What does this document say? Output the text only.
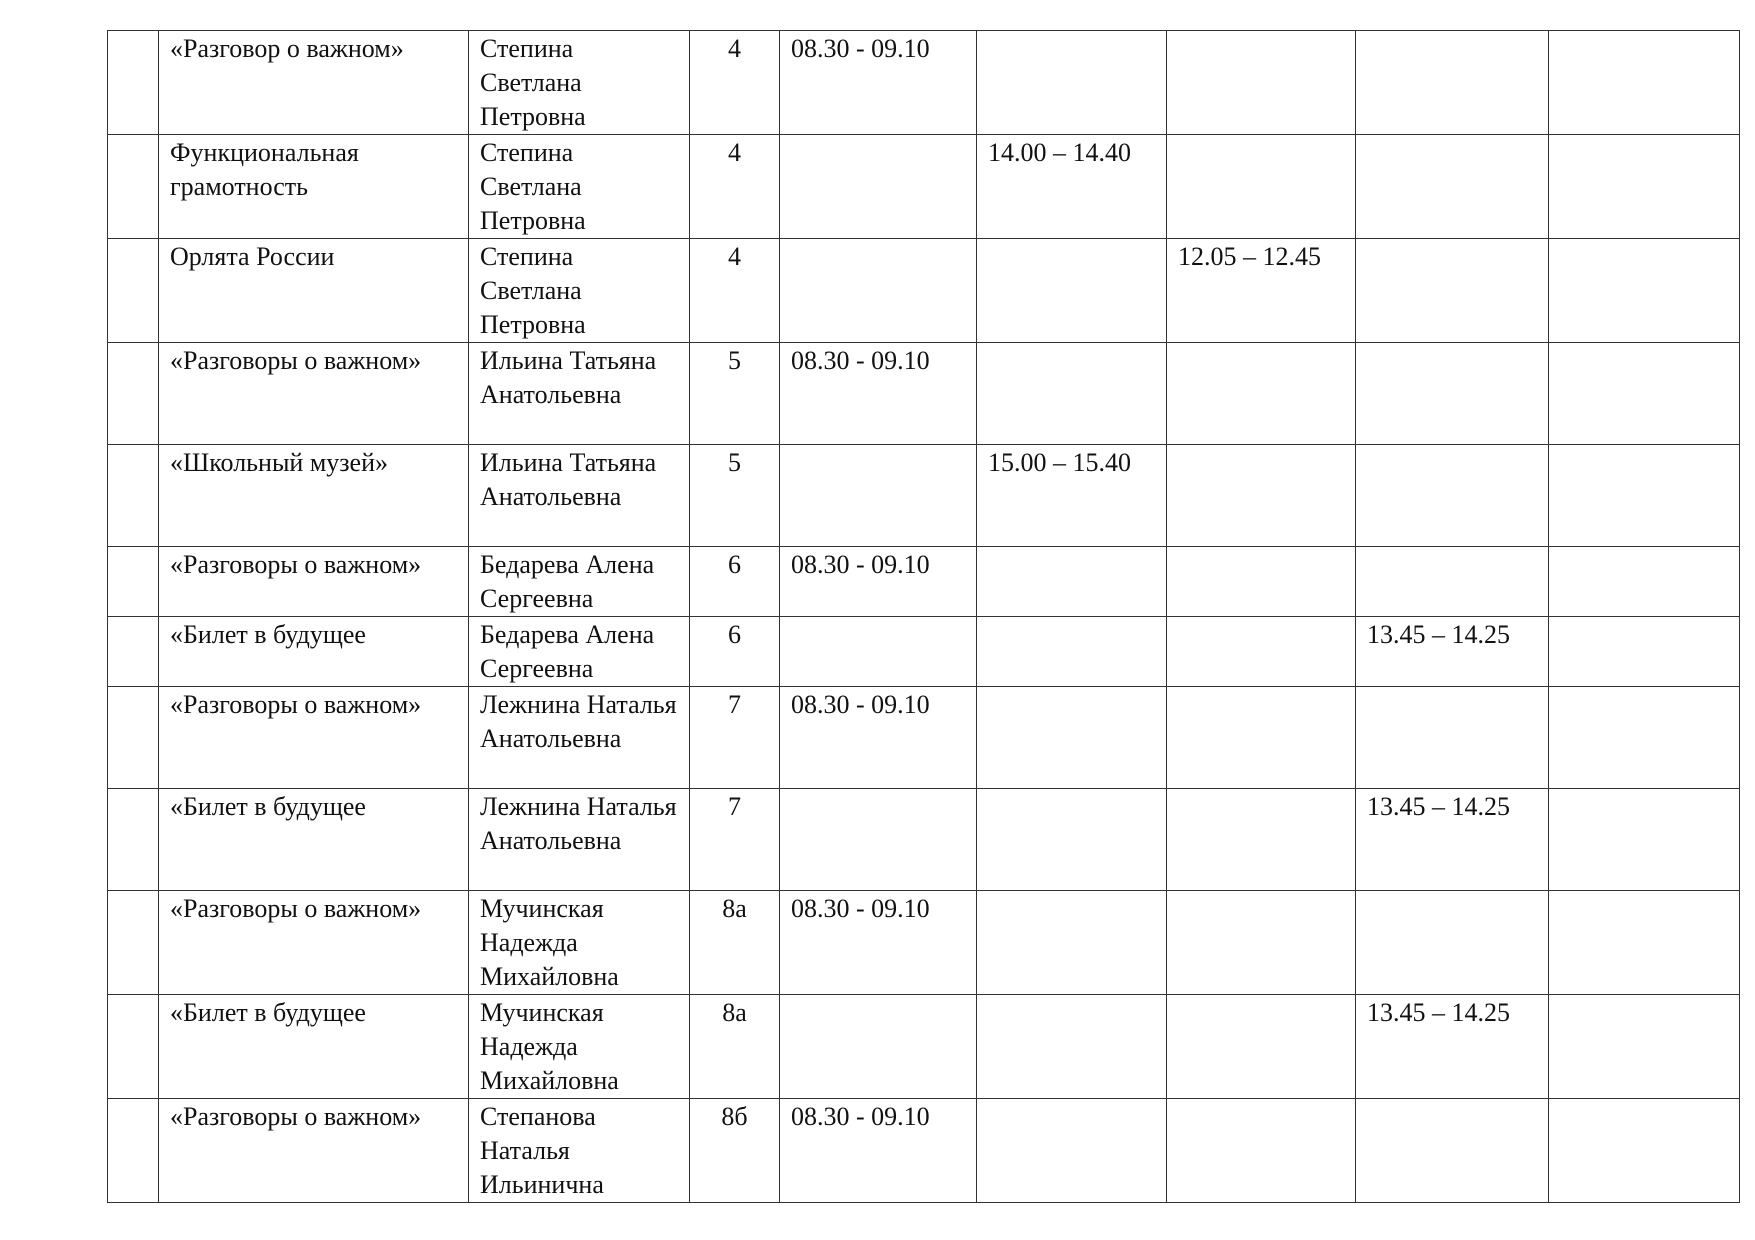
	«Разговор о важном»	Степина Светлана Петровна	4	08.30 - 09.10				
	Функциональная грамотность	Степина Светлана Петровна	4		14.00 – 14.40			
	Орлята России	Степина Светлана Петровна	4			12.05 – 12.45		
	«Разговоры о важном»	Ильина Татьяна Анатольевна	5	08.30 - 09.10				
	«Школьный музей»	Ильина Татьяна Анатольевна	5		15.00 – 15.40			
	«Разговоры о важном»	Бедарева Алена Сергеевна	6	08.30 - 09.10				
	«Билет в будущее	Бедарева Алена Сергеевна	6				13.45 – 14.25	
	«Разговоры о важном»	Лежнина Наталья Анатольевна	7	08.30 - 09.10				
	«Билет в будущее	Лежнина Наталья Анатольевна	7				13.45 – 14.25	
	«Разговоры о важном»	Мучинская Надежда Михайловна	8а	08.30 - 09.10				
	«Билет в будущее	Мучинская Надежда Михайловна	8а				13.45 – 14.25	
	«Разговоры о важном»	Степанова Наталья Ильинична	8б	08.30 - 09.10				
